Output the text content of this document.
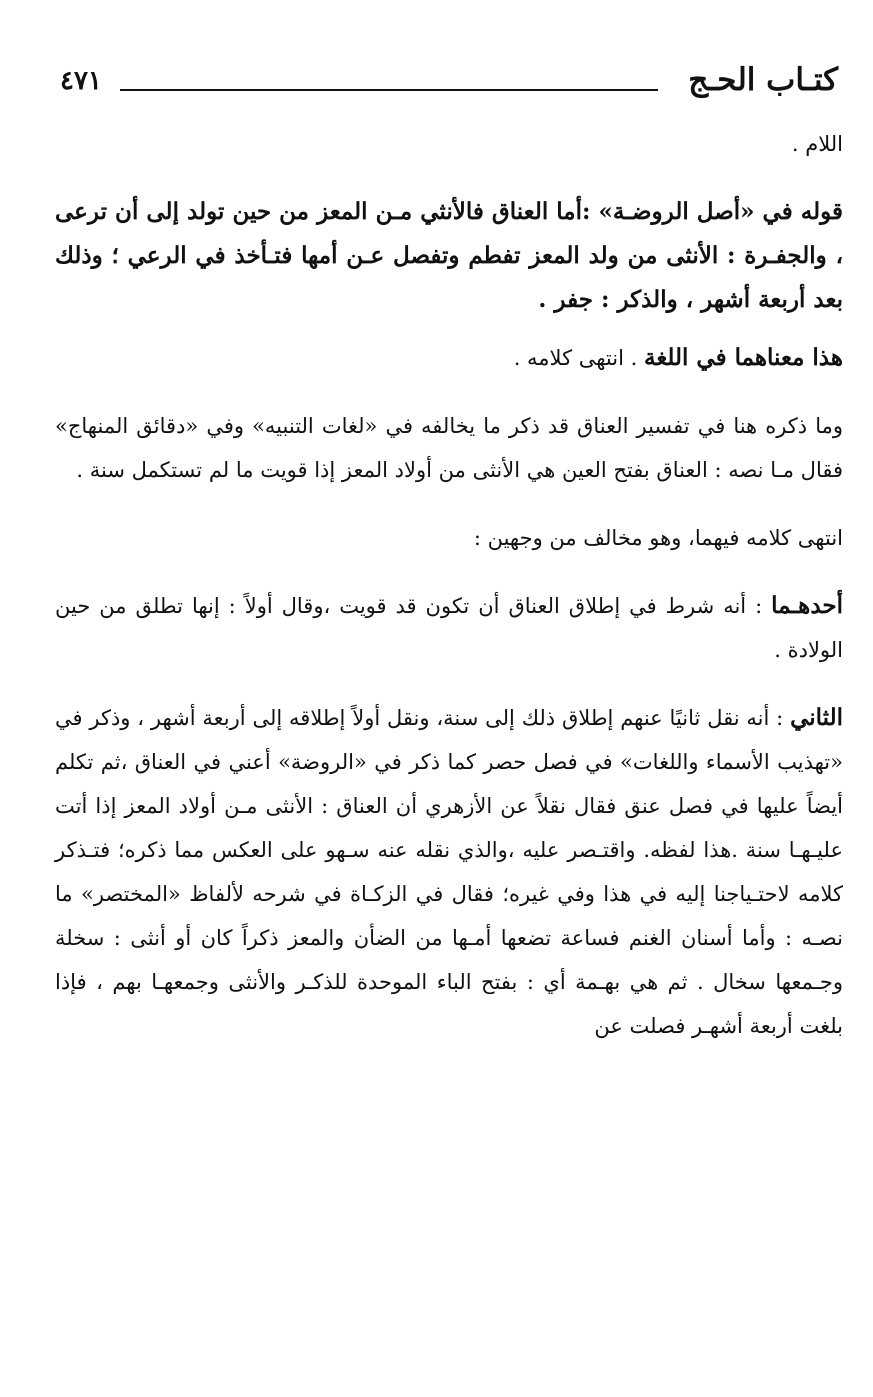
كتـاب الحـج
٤٧١

اللام .

قوله في «أصل الروضـة» :أما العناق فالأنثي مـن المعز من حين تولد إلى أن ترعى ، والجفـرة : الأنثى من ولد المعز تفطم وتفصل عـن أمها فتـأخذ في الرعي ؛ وذلك بعد أربعة أشهر ، والذكر : جفر .

هذا معناهما في اللغة . انتهى كلامه .

وما ذكره هنا في تفسير العناق قد ذكر ما يخالفه في «لغات التنبيه» وفي «دقائق المنهاج» فقال مـا نصه : العناق بفتح العين هي الأنثى من أولاد المعز إذا قويت ما لم تستكمل سنة .

انتهى كلامه فيهما، وهو مخالف من وجهين :

أحدهـما : أنه شرط في إطلاق العناق أن تكون قد قويت ،وقال أولاً : إنها تطلق من حين الولادة .

الثاني : أنه نقل ثانيًا عنهم إطلاق ذلك إلى سنة، ونقل أولاً إطلاقه إلى أربعة أشهر ، وذكر في «تهذيب الأسماء واللغات» في فصل حصر كما ذكر في «الروضة» أعني في العناق ،ثم تكلم أيضاً عليها في فصل عنق فقال نقلاً عن الأزهري أن العناق : الأنثى مـن أولاد المعز إذا أتت عليـهـا سنة .هذا لفظه. واقتـصر عليه ،والذي نقله عنه سـهو على العكس مما ذكره؛ فتـذكر كلامه لاحتـياجنا إليه في هذا وفي غيره؛ فقال في الزكـاة في شرحه لألفاظ «المختصر» ما نصـه : وأما أسنان الغنم فساعة تضعها أمـها من الضأن والمعز ذكراً كان أو أنثى : سخلة وجـمعها سخال . ثم هي بهـمة أي : بفتح الباء الموحدة للذكـر والأنثى وجمعهـا بهم ، فإذا بلغت أربعة أشهـر فصلت عن
